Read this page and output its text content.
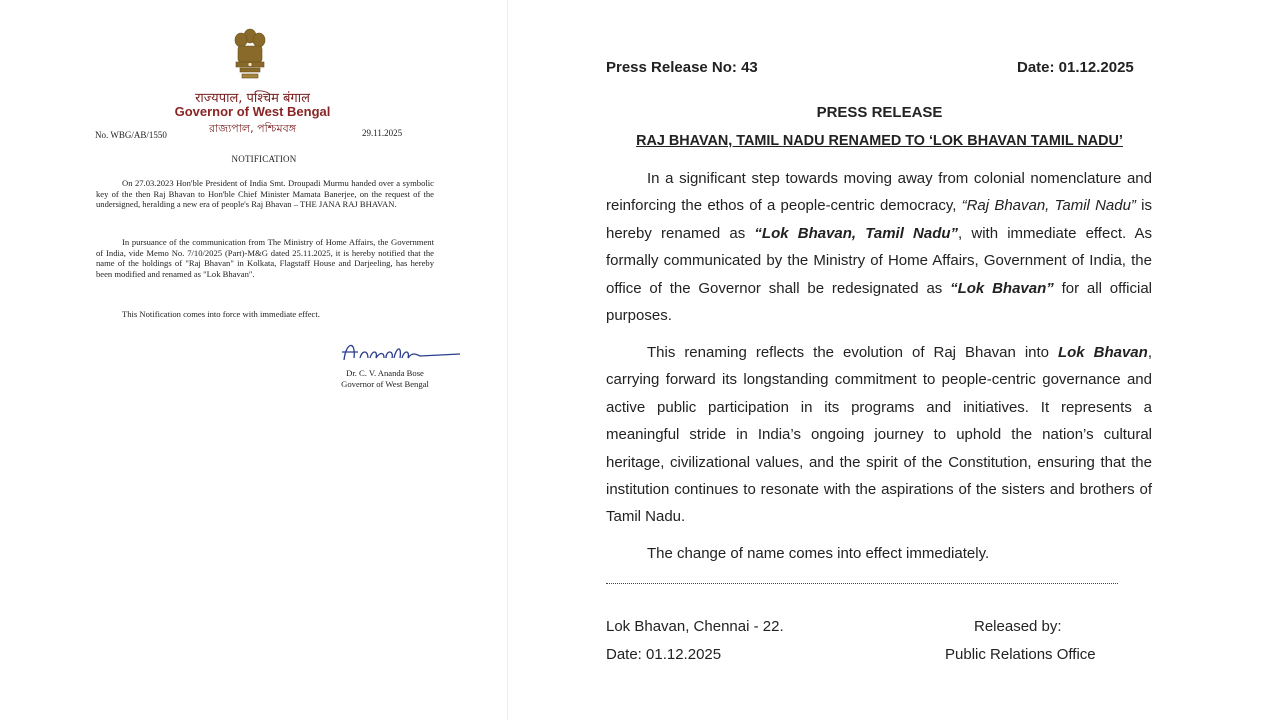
राज्यपाल, पश्चिम बंगाल
Governor of West Bengal
রাজ্যপাল, পশ্চিমবঙ্গ
No. WBG/AB/1550	29.11.2025
NOTIFICATION

On 27.03.2023 Hon'ble President of India Smt. Droupadi Murmu handed over a symbolic key of the then Raj Bhavan to Hon'ble Chief Minister Mamata Banerjee, on the request of the undersigned, heralding a new era of people's Raj Bhavan – THE JANA RAJ BHAVAN.

In pursuance of the communication from The Ministry of Home Affairs, the Government of India, vide Memo No. 7/10/2025 (Part)-M&G dated 25.11.2025, it is hereby notified that the name of the holdings of "Raj Bhavan" in Kolkata, Flagstaff House and Darjeeling, has hereby been modified and renamed as "Lok Bhavan".

This Notification comes into force with immediate effect.

Dr. C. V. Ananda Bose
Governor of West Bengal
Press Release No: 43	Date: 01.12.2025
PRESS RELEASE
RAJ BHAVAN, TAMIL NADU RENAMED TO ‘LOK BHAVAN TAMIL NADU’

In a significant step towards moving away from colonial nomenclature and reinforcing the ethos of a people-centric democracy, “Raj Bhavan, Tamil Nadu” is hereby renamed as “Lok Bhavan, Tamil Nadu”, with immediate effect. As formally communicated by the Ministry of Home Affairs, Government of India, the office of the Governor shall be redesignated as “Lok Bhavan” for all official purposes.

This renaming reflects the evolution of Raj Bhavan into Lok Bhavan, carrying forward its longstanding commitment to people-centric governance and active public participation in its programs and initiatives. It represents a meaningful stride in India’s ongoing journey to uphold the nation’s cultural heritage, civilizational values, and the spirit of the Constitution, ensuring that the institution continues to resonate with the aspirations of the sisters and brothers of Tamil Nadu.

The change of name comes into effect immediately.

Lok Bhavan, Chennai - 22.
Date: 01.12.2025
Released by:
Public Relations Office
